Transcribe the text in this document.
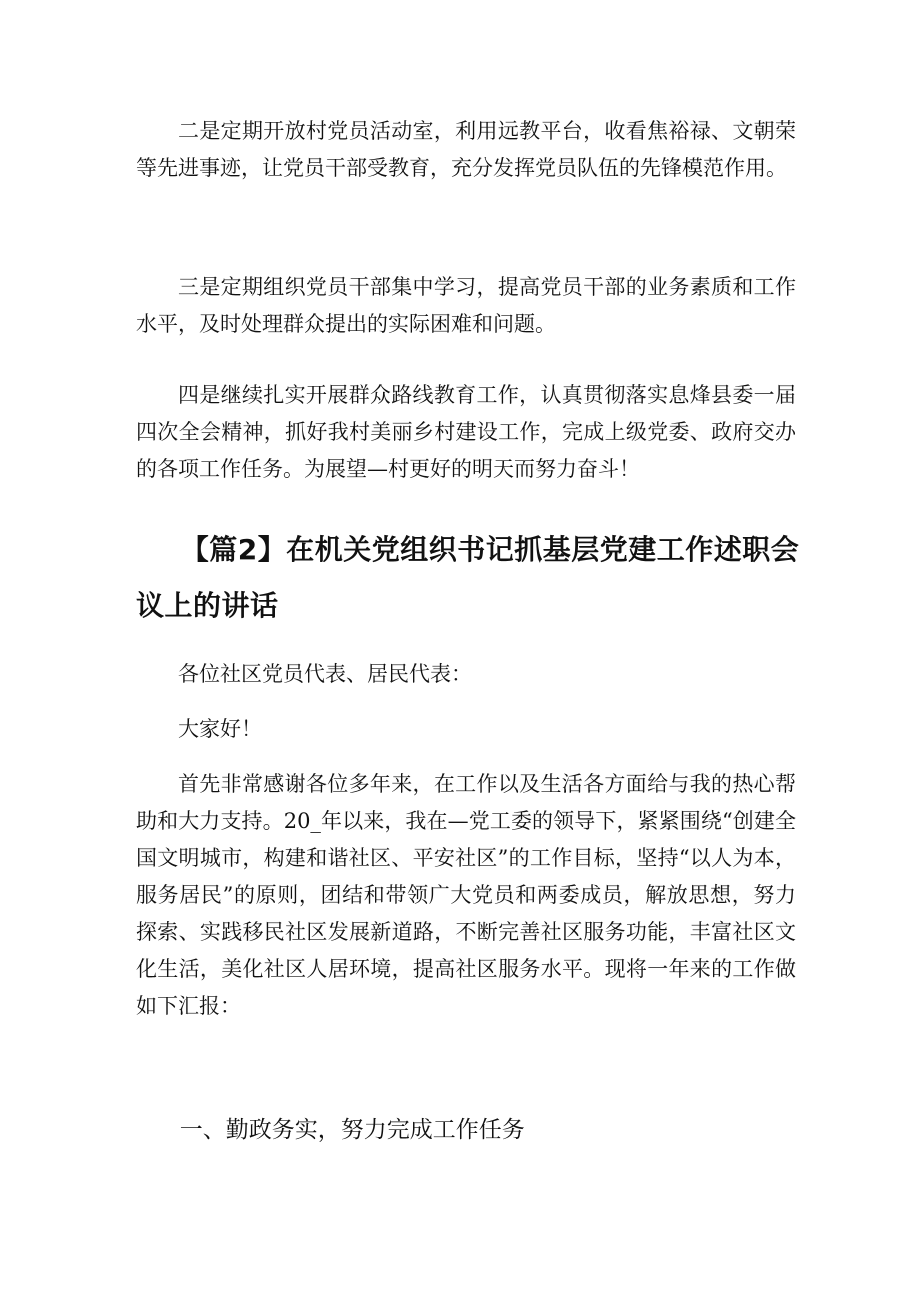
二是定期开放村党员活动室，利用远教平台，收看焦裕禄、文朝荣等先进事迹，让党员干部受教育，充分发挥党员队伍的先锋模范作用。

三是定期组织党员干部集中学习，提高党员干部的业务素质和工作水平，及时处理群众提出的实际困难和问题。

四是继续扎实开展群众路线教育工作，认真贯彻落实息烽县委一届四次全会精神，抓好我村美丽乡村建设工作，完成上级党委、政府交办的各项工作任务。为展望—村更好的明天而努力奋斗！

【篇2】在机关党组织书记抓基层党建工作述职会议上的讲话

各位社区党员代表、居民代表：

大家好！

首先非常感谢各位多年来，在工作以及生活各方面给与我的热心帮助和大力支持。20_年以来，我在—党工委的领导下，紧紧围绕“创建全国文明城市，构建和谐社区、平安社区”的工作目标，坚持“以人为本，服务居民”的原则，团结和带领广大党员和两委成员，解放思想，努力探索、实践移民社区发展新道路，不断完善社区服务功能，丰富社区文化生活，美化社区人居环境，提高社区服务水平。现将一年来的工作做如下汇报：

一、勤政务实，努力完成工作任务
